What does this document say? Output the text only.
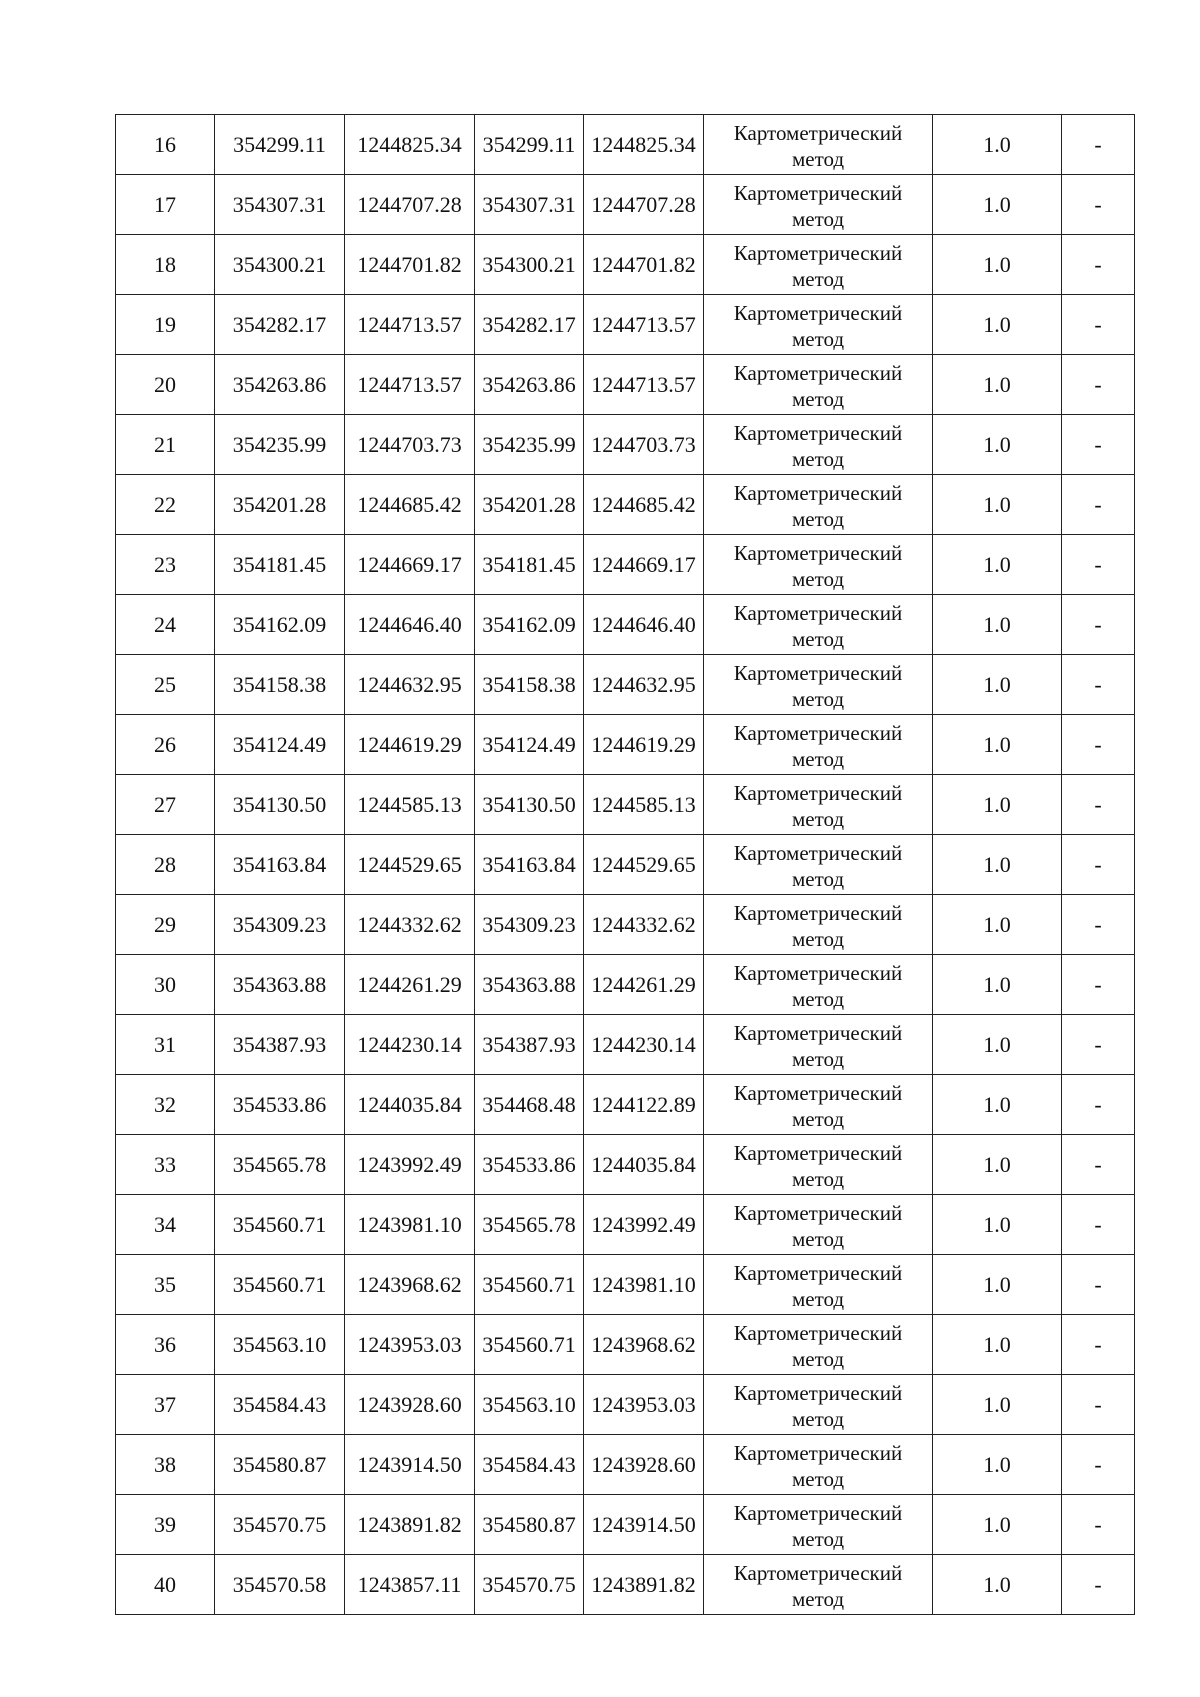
16	354299.11	1244825.34	354299.11	1244825.34	Картометрический
метод	1.0	-
17	354307.31	1244707.28	354307.31	1244707.28	Картометрический
метод	1.0	-
18	354300.21	1244701.82	354300.21	1244701.82	Картометрический
метод	1.0	-
19	354282.17	1244713.57	354282.17	1244713.57	Картометрический
метод	1.0	-
20	354263.86	1244713.57	354263.86	1244713.57	Картометрический
метод	1.0	-
21	354235.99	1244703.73	354235.99	1244703.73	Картометрический
метод	1.0	-
22	354201.28	1244685.42	354201.28	1244685.42	Картометрический
метод	1.0	-
23	354181.45	1244669.17	354181.45	1244669.17	Картометрический
метод	1.0	-
24	354162.09	1244646.40	354162.09	1244646.40	Картометрический
метод	1.0	-
25	354158.38	1244632.95	354158.38	1244632.95	Картометрический
метод	1.0	-
26	354124.49	1244619.29	354124.49	1244619.29	Картометрический
метод	1.0	-
27	354130.50	1244585.13	354130.50	1244585.13	Картометрический
метод	1.0	-
28	354163.84	1244529.65	354163.84	1244529.65	Картометрический
метод	1.0	-
29	354309.23	1244332.62	354309.23	1244332.62	Картометрический
метод	1.0	-
30	354363.88	1244261.29	354363.88	1244261.29	Картометрический
метод	1.0	-
31	354387.93	1244230.14	354387.93	1244230.14	Картометрический
метод	1.0	-
32	354533.86	1244035.84	354468.48	1244122.89	Картометрический
метод	1.0	-
33	354565.78	1243992.49	354533.86	1244035.84	Картометрический
метод	1.0	-
34	354560.71	1243981.10	354565.78	1243992.49	Картометрический
метод	1.0	-
35	354560.71	1243968.62	354560.71	1243981.10	Картометрический
метод	1.0	-
36	354563.10	1243953.03	354560.71	1243968.62	Картометрический
метод	1.0	-
37	354584.43	1243928.60	354563.10	1243953.03	Картометрический
метод	1.0	-
38	354580.87	1243914.50	354584.43	1243928.60	Картометрический
метод	1.0	-
39	354570.75	1243891.82	354580.87	1243914.50	Картометрический
метод	1.0	-
40	354570.58	1243857.11	354570.75	1243891.82	Картометрический
метод	1.0	-
